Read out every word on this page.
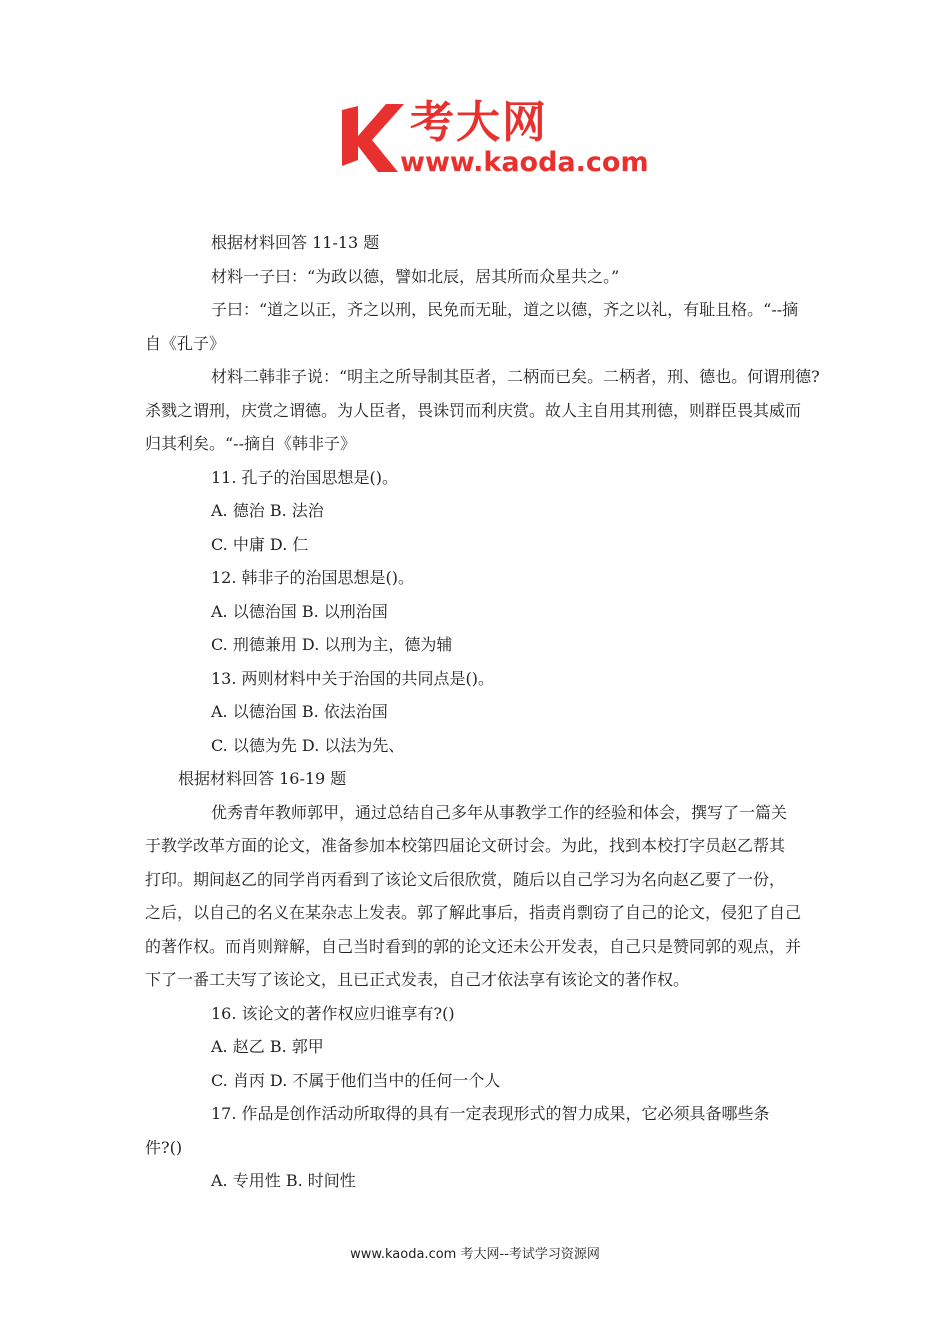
考大网
www.kaoda.com

根据材料回答 11-13 题

材料一子曰：“为政以德，譬如北辰，居其所而众星共之。”

子曰：“道之以正，齐之以刑，民免而无耻，道之以德，齐之以礼，有耻且格。“--摘

自《孔子》

材料二韩非子说：“明主之所导制其臣者，二柄而已矣。二柄者，刑、德也。何谓刑德?

杀戮之谓刑，庆赏之谓德。为人臣者，畏诛罚而利庆赏。故人主自用其刑德，则群臣畏其威而

归其利矣。“--摘自《韩非子》

11. 孔子的治国思想是()。

A. 德治 B. 法治

C. 中庸 D. 仁

12. 韩非子的治国思想是()。

A. 以德治国 B. 以刑治国

C. 刑德兼用 D. 以刑为主，德为辅

13. 两则材料中关于治国的共同点是()。

A. 以德治国 B. 依法治国

C. 以德为先 D. 以法为先、

根据材料回答 16-19 题

优秀青年教师郭甲，通过总结自己多年从事教学工作的经验和体会，撰写了一篇关

于教学改革方面的论文，准备参加本校第四届论文研讨会。为此，找到本校打字员赵乙帮其

打印。期间赵乙的同学肖丙看到了该论文后很欣赏，随后以自己学习为名向赵乙要了一份，

之后，以自己的名义在某杂志上发表。郭了解此事后，指责肖剽窃了自己的论文，侵犯了自己

的著作权。而肖则辩解，自己当时看到的郭的论文还未公开发表，自己只是赞同郭的观点，并

下了一番工夫写了该论文，且已正式发表，自己才依法享有该论文的著作权。

16. 该论文的著作权应归谁享有?()

A. 赵乙 B. 郭甲

C. 肖丙 D. 不属于他们当中的任何一个人

17. 作品是创作活动所取得的具有一定表现形式的智力成果，它必须具备哪些条

件?()

A. 专用性 B. 时间性

www.kaoda.com 考大网--考试学习资源网
